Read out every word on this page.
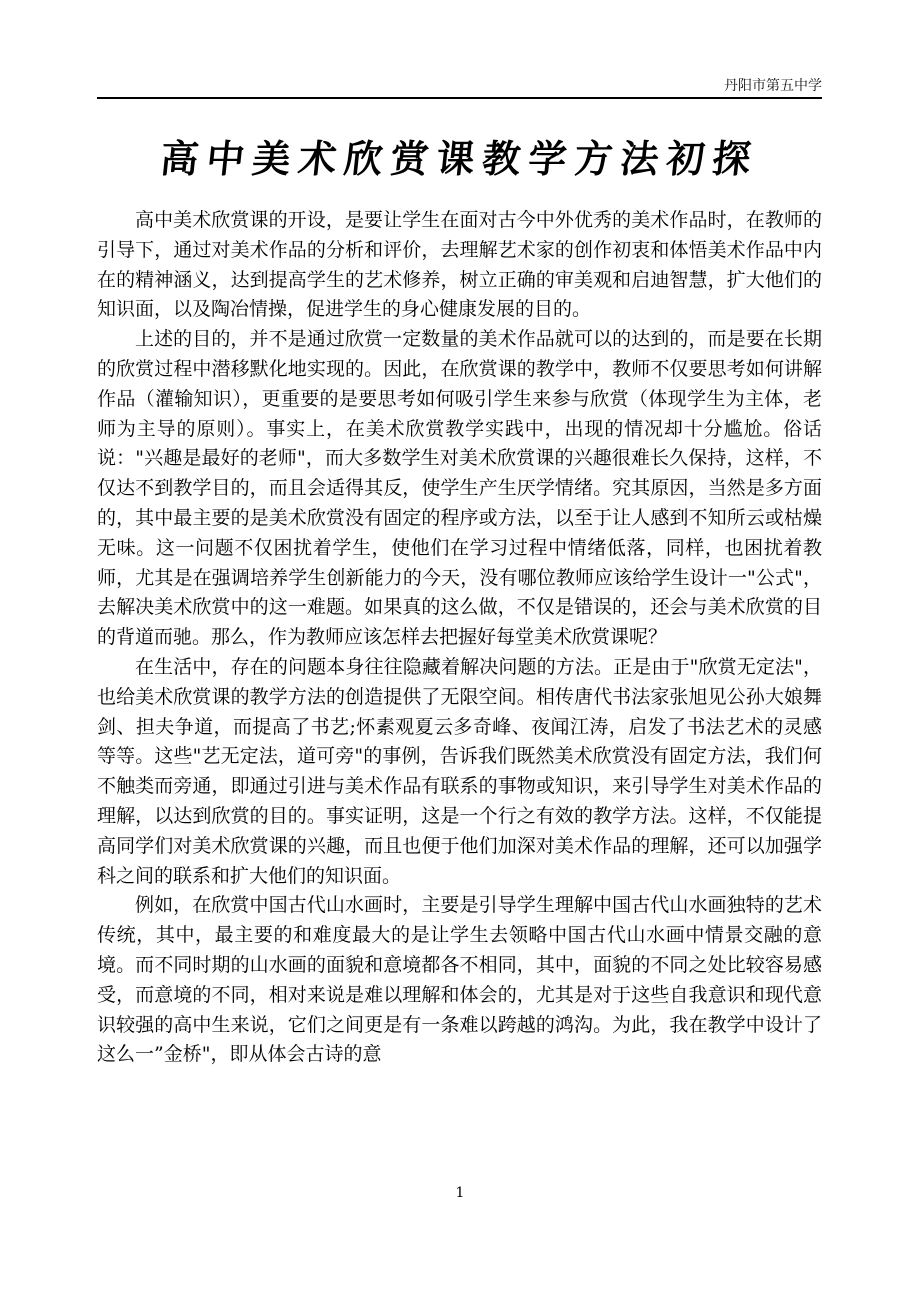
丹阳市第五中学
高中美术欣赏课教学方法初探

高中美术欣赏课的开设，是要让学生在面对古今中外优秀的美术作品时，在教师的引导下，通过对美术作品的分析和评价，去理解艺术家的创作初衷和体悟美术作品中内在的精神涵义，达到提高学生的艺术修养，树立正确的审美观和启迪智慧，扩大他们的知识面，以及陶冶情操，促进学生的身心健康发展的目的。

上述的目的，并不是通过欣赏一定数量的美术作品就可以的达到的，而是要在长期的欣赏过程中潜移默化地实现的。因此，在欣赏课的教学中，教师不仅要思考如何讲解作品（灌输知识），更重要的是要思考如何吸引学生来参与欣赏（体现学生为主体，老师为主导的原则）。事实上，在美术欣赏教学实践中，出现的情况却十分尴尬。俗话说："兴趣是最好的老师"，而大多数学生对美术欣赏课的兴趣很难长久保持，这样，不仅达不到教学目的，而且会适得其反，使学生产生厌学情绪。究其原因，当然是多方面的，其中最主要的是美术欣赏没有固定的程序或方法，以至于让人感到不知所云或枯燥无味。这一问题不仅困扰着学生，使他们在学习过程中情绪低落，同样，也困扰着教师，尤其是在强调培养学生创新能力的今天，没有哪位教师应该给学生设计一"公式"，去解决美术欣赏中的这一难题。如果真的这么做，不仅是错误的，还会与美术欣赏的目的背道而驰。那么，作为教师应该怎样去把握好每堂美术欣赏课呢？

在生活中，存在的问题本身往往隐藏着解决问题的方法。正是由于"欣赏无定法"，也给美术欣赏课的教学方法的创造提供了无限空间。相传唐代书法家张旭见公孙大娘舞剑、担夫争道，而提高了书艺;怀素观夏云多奇峰、夜闻江涛，启发了书法艺术的灵感等等。这些"艺无定法，道可旁"的事例，告诉我们既然美术欣赏没有固定方法，我们何不触类而旁通，即通过引进与美术作品有联系的事物或知识，来引导学生对美术作品的理解，以达到欣赏的目的。事实证明，这是一个行之有效的教学方法。这样，不仅能提高同学们对美术欣赏课的兴趣，而且也便于他们加深对美术作品的理解，还可以加强学科之间的联系和扩大他们的知识面。

例如，在欣赏中国古代山水画时，主要是引导学生理解中国古代山水画独特的艺术传统，其中，最主要的和难度最大的是让学生去领略中国古代山水画中情景交融的意境。而不同时期的山水画的面貌和意境都各不相同，其中，面貌的不同之处比较容易感受，而意境的不同，相对来说是难以理解和体会的，尤其是对于这些自我意识和现代意识较强的高中生来说，它们之间更是有一条难以跨越的鸿沟。为此，我在教学中设计了这么一”金桥"，即从体会古诗的意

1
